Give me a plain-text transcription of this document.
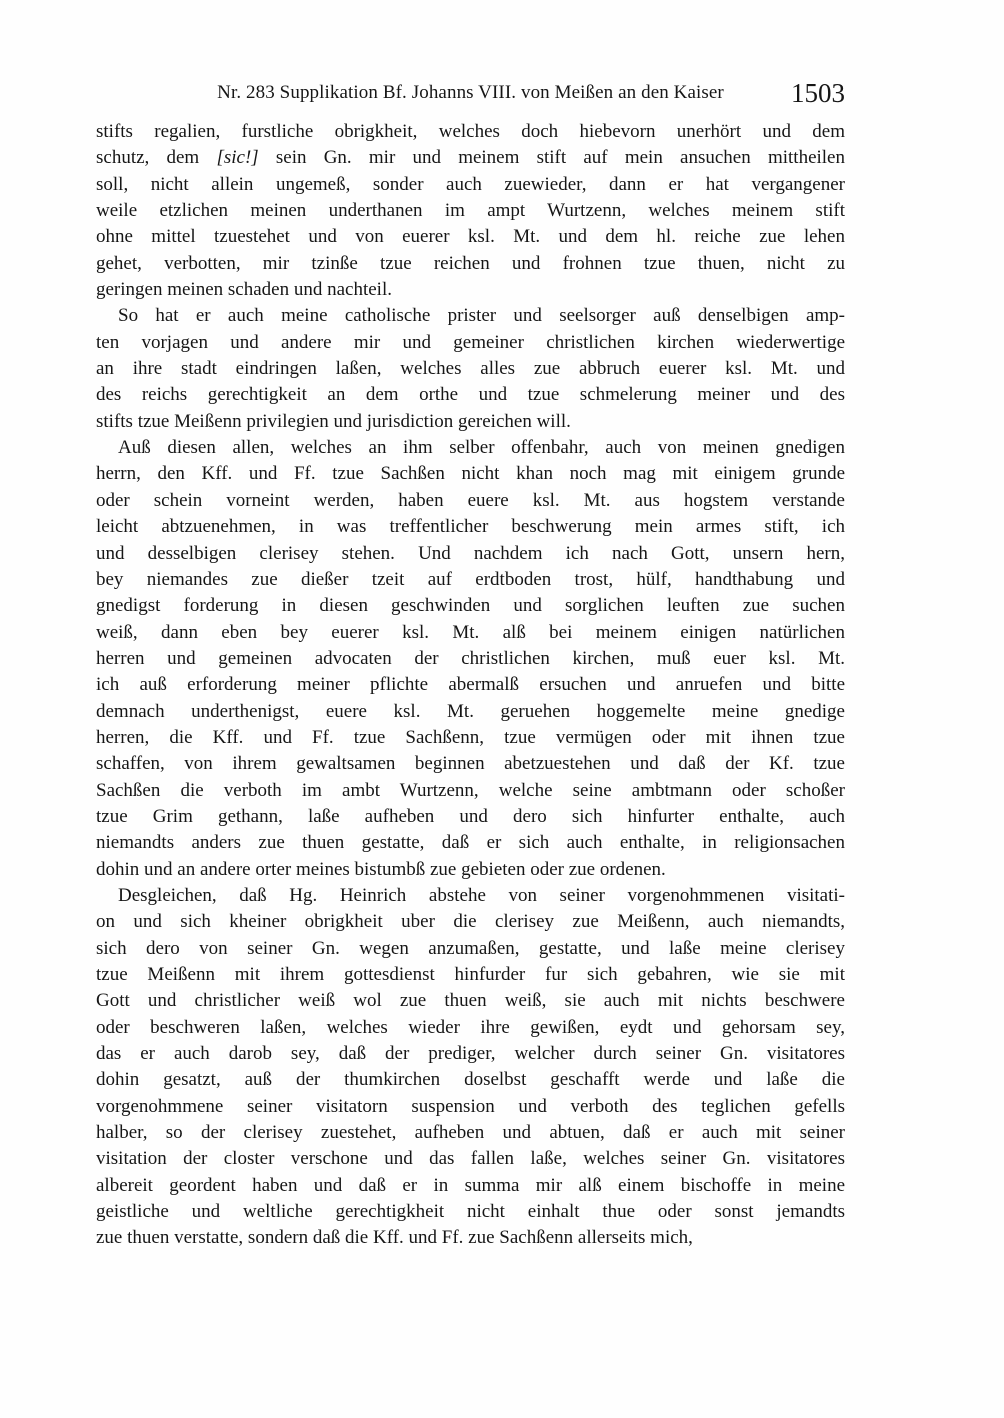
Nr. 283 Supplikation Bf. Johanns VIII. von Meißen an den Kaiser	1503
stifts regalien, furstliche obrigkheit, welches doch hiebevorn unerhört und dem
schutz, dem [sic!] sein Gn. mir und meinem stift auf mein ansuchen mittheilen
soll, nicht allein ungemeß, sonder auch zuewieder, dann er hat vergangener
weile etzlichen meinen underthanen im ampt Wurtzenn, welches meinem stift
ohne mittel tzuestehet und von euerer ksl. Mt. und dem hl. reiche zue lehen
gehet, verbotten, mir tzinße tzue reichen und frohnen tzue thuen, nicht zu
geringen meinen schaden und nachteil.
So hat er auch meine catholische prister und seelsorger auß denselbigen amp-
ten vorjagen und andere mir und gemeiner christlichen kirchen wiederwertige
an ihre stadt eindringen laßen, welches alles zue abbruch euerer ksl. Mt. und
des reichs gerechtigkeit an dem orthe und tzue schmelerung meiner und des
stifts tzue Meißenn privilegien und jurisdiction gereichen will.
Auß diesen allen, welches an ihm selber offenbahr, auch von meinen gnedigen
herrn, den Kff. und Ff. tzue Sachßen nicht khan noch mag mit einigem grunde
oder schein vorneint werden, haben euere ksl. Mt. aus hogstem verstande
leicht abtzuenehmen, in was treffentlicher beschwerung mein armes stift, ich
und desselbigen clerisey stehen. Und nachdem ich nach Gott, unsern hern,
bey niemandes zue dießer tzeit auf erdtboden trost, hülf, handthabung und
gnedigst forderung in diesen geschwinden und sorglichen leuften zue suchen
weiß, dann eben bey euerer ksl. Mt. alß bei meinem einigen natürlichen
herren und gemeinen advocaten der christlichen kirchen, muß euer ksl. Mt.
ich auß erforderung meiner pflichte abermalß ersuchen und anruefen und bitte
demnach underthenigst, euere ksl. Mt. geruehen hoggemelte meine gnedige
herren, die Kff. und Ff. tzue Sachßenn, tzue vermügen oder mit ihnen tzue
schaffen, von ihrem gewaltsamen beginnen abetzuestehen und daß der Kf. tzue
Sachßen die verboth im ambt Wurtzenn, welche seine ambtmann oder schoßer
tzue Grim gethann, laße aufheben und dero sich hinfurter enthalte, auch
niemandts anders zue thuen gestatte, daß er sich auch enthalte, in religionsachen
dohin und an andere orter meines bistumbß zue gebieten oder zue ordenen.
Desgleichen, daß Hg. Heinrich abstehe von seiner vorgenohmmenen visitati-
on und sich kheiner obrigkheit uber die clerisey zue Meißenn, auch niemandts,
sich dero von seiner Gn. wegen anzumaßen, gestatte, und laße meine clerisey
tzue Meißenn mit ihrem gottesdienst hinfurder fur sich gebahren, wie sie mit
Gott und christlicher weiß wol zue thuen weiß, sie auch mit nichts beschwere
oder beschweren laßen, welches wieder ihre gewißen, eydt und gehorsam sey,
das er auch darob sey, daß der prediger, welcher durch seiner Gn. visitatores
dohin gesatzt, auß der thumkirchen doselbst geschafft werde und laße die
vorgenohmmene seiner visitatorn suspension und verboth des teglichen gefells
halber, so der clerisey zuestehet, aufheben und abtuen, daß er auch mit seiner
visitation der closter verschone und das fallen laße, welches seiner Gn. visitatores
albereit geordent haben und daß er in summa mir alß einem bischoffe in meine
geistliche und weltliche gerechtigkheit nicht einhalt thue oder sonst jemandts
zue thuen verstatte, sondern daß die Kff. und Ff. zue Sachßenn allerseits mich,
